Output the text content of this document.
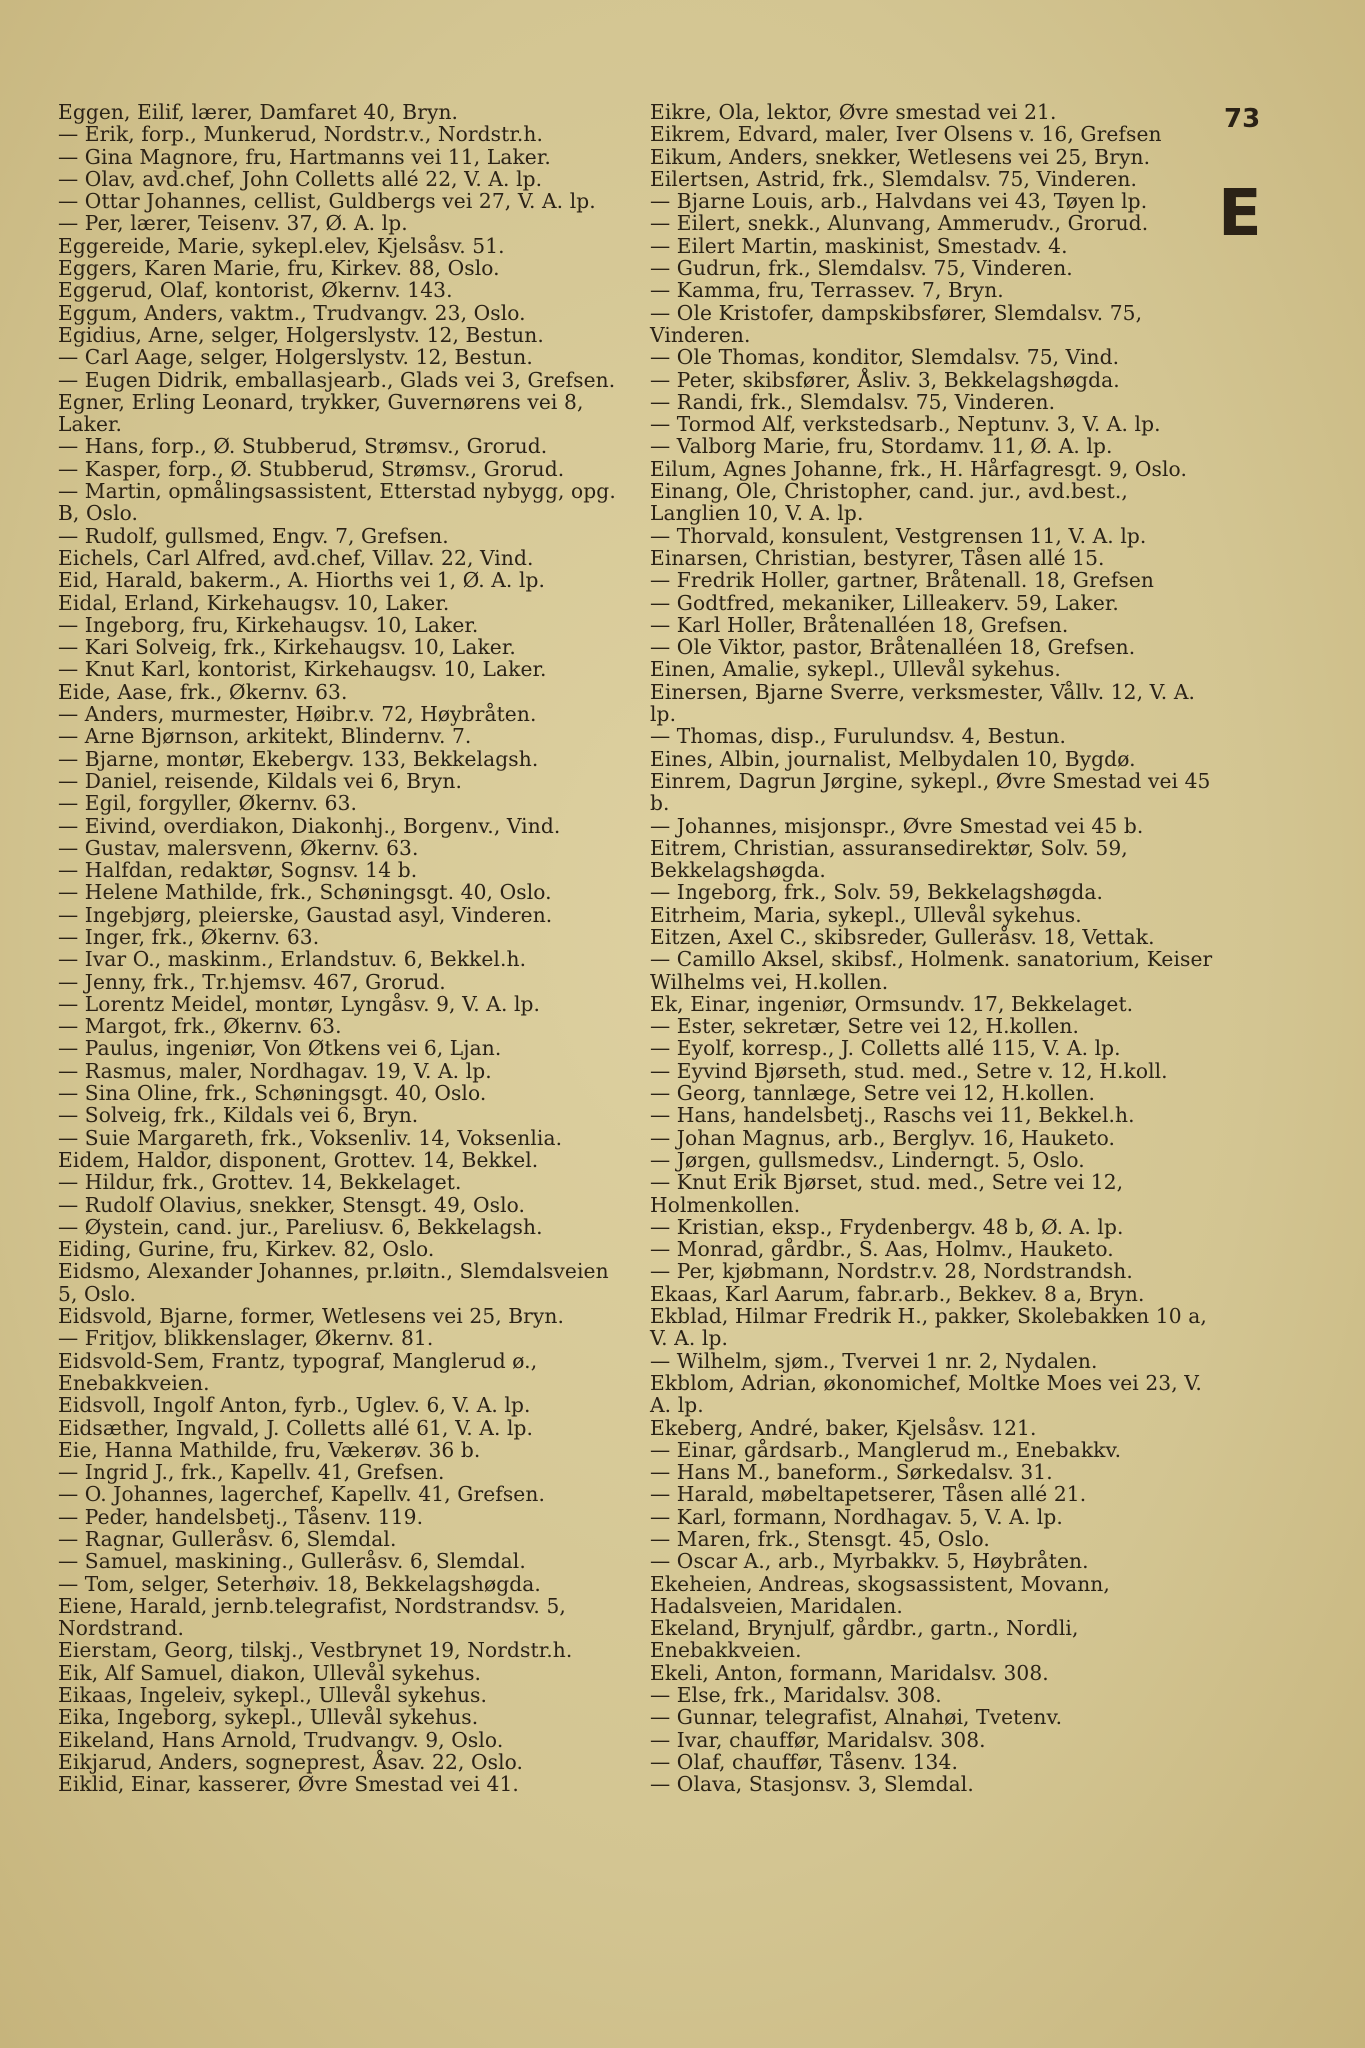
73
E

Eggen, Eilif, lærer, Damfaret 40, Bryn.

— Erik, forp., Munkerud, Nordstr.v., Nordstr.h.

— Gina Magnore, fru, Hartmanns vei 11, Laker.

— Olav, avd.chef, John Colletts allé 22, V. A. lp.

— Ottar Johannes, cellist, Guldbergs vei 27, V. A. lp.

— Per, lærer, Teisenv. 37, Ø. A. lp.

Eggereide, Marie, sykepl.elev, Kjelsåsv. 51.

Eggers, Karen Marie, fru, Kirkev. 88, Oslo.

Eggerud, Olaf, kontorist, Økernv. 143.

Eggum, Anders, vaktm., Trudvangv. 23, Oslo.

Egidius, Arne, selger, Holgerslystv. 12, Bestun.

— Carl Aage, selger, Holgerslystv. 12, Bestun.

— Eugen Didrik, emballasjearb., Glads vei 3, Grefsen.

Egner, Erling Leonard, trykker, Guvernørens vei 8, Laker.

— Hans, forp., Ø. Stubberud, Strømsv., Grorud.

— Kasper, forp., Ø. Stubberud, Strømsv., Grorud.

— Martin, opmålingsassistent, Etterstad nybygg, opg. B, Oslo.

— Rudolf, gullsmed, Engv. 7, Grefsen.

Eichels, Carl Alfred, avd.chef, Villav. 22, Vind.

Eid, Harald, bakerm., A. Hiorths vei 1, Ø. A. lp.

Eidal, Erland, Kirkehaugsv. 10, Laker.

— Ingeborg, fru, Kirkehaugsv. 10, Laker.

— Kari Solveig, frk., Kirkehaugsv. 10, Laker.

— Knut Karl, kontorist, Kirkehaugsv. 10, Laker.

Eide, Aase, frk., Økernv. 63.

— Anders, murmester, Høibr.v. 72, Høybråten.

— Arne Bjørnson, arkitekt, Blindernv. 7.

— Bjarne, montør, Ekebergv. 133, Bekkelagsh.

— Daniel, reisende, Kildals vei 6, Bryn.

— Egil, forgyller, Økernv. 63.

— Eivind, overdiakon, Diakonhj., Borgenv., Vind.

— Gustav, malersvenn, Økernv. 63.

— Halfdan, redaktør, Sognsv. 14 b.

— Helene Mathilde, frk., Schøningsgt. 40, Oslo.

— Ingebjørg, pleierske, Gaustad asyl, Vinderen.

— Inger, frk., Økernv. 63.

— Ivar O., maskinm., Erlandstuv. 6, Bekkel.h.

— Jenny, frk., Tr.hjemsv. 467, Grorud.

— Lorentz Meidel, montør, Lyngåsv. 9, V. A. lp.

— Margot, frk., Økernv. 63.

— Paulus, ingeniør, Von Øtkens vei 6, Ljan.

— Rasmus, maler, Nordhagav. 19, V. A. lp.

— Sina Oline, frk., Schøningsgt. 40, Oslo.

— Solveig, frk., Kildals vei 6, Bryn.

— Suie Margareth, frk., Voksenliv. 14, Voksenlia.

Eidem, Haldor, disponent, Grottev. 14, Bekkel.

— Hildur, frk., Grottev. 14, Bekkelaget.

— Rudolf Olavius, snekker, Stensgt. 49, Oslo.

— Øystein, cand. jur., Pareliusv. 6, Bekkelagsh.

Eiding, Gurine, fru, Kirkev. 82, Oslo.

Eidsmo, Alexander Johannes, pr.løitn., Slemdalsveien 5, Oslo.

Eidsvold, Bjarne, former, Wetlesens vei 25, Bryn.

— Fritjov, blikkenslager, Økernv. 81.

Eidsvold-Sem, Frantz, typograf, Manglerud ø., Enebakkveien.

Eidsvoll, Ingolf Anton, fyrb., Uglev. 6, V. A. lp.

Eidsæther, Ingvald, J. Colletts allé 61, V. A. lp.

Eie, Hanna Mathilde, fru, Vækerøv. 36 b.

— Ingrid J., frk., Kapellv. 41, Grefsen.

— O. Johannes, lagerchef, Kapellv. 41, Grefsen.

— Peder, handelsbetj., Tåsenv. 119.

— Ragnar, Gulleråsv. 6, Slemdal.

— Samuel, maskining., Gulleråsv. 6, Slemdal.

— Tom, selger, Seterhøiv. 18, Bekkelagshøgda.

Eiene, Harald, jernb.telegrafist, Nordstrandsv. 5, Nordstrand.

Eierstam, Georg, tilskj., Vestbrynet 19, Nordstr.h.

Eik, Alf Samuel, diakon, Ullevål sykehus.

Eikaas, Ingeleiv, sykepl., Ullevål sykehus.

Eika, Ingeborg, sykepl., Ullevål sykehus.

Eikeland, Hans Arnold, Trudvangv. 9, Oslo.

Eikjarud, Anders, sogneprest, Åsav. 22, Oslo.

Eiklid, Einar, kasserer, Øvre Smestad vei 41.

Eikre, Ola, lektor, Øvre smestad vei 21.

Eikrem, Edvard, maler, Iver Olsens v. 16, Grefsen

Eikum, Anders, snekker, Wetlesens vei 25, Bryn.

Eilertsen, Astrid, frk., Slemdalsv. 75, Vinderen.

— Bjarne Louis, arb., Halvdans vei 43, Tøyen lp.

— Eilert, snekk., Alunvang, Ammerudv., Grorud.

— Eilert Martin, maskinist, Smestadv. 4.

— Gudrun, frk., Slemdalsv. 75, Vinderen.

— Kamma, fru, Terrassev. 7, Bryn.

— Ole Kristofer, dampskibsfører, Slemdalsv. 75, Vinderen.

— Ole Thomas, konditor, Slemdalsv. 75, Vind.

— Peter, skibsfører, Åsliv. 3, Bekkelagshøgda.

— Randi, frk., Slemdalsv. 75, Vinderen.

— Tormod Alf, verkstedsarb., Neptunv. 3, V. A. lp.

— Valborg Marie, fru, Stordamv. 11, Ø. A. lp.

Eilum, Agnes Johanne, frk., H. Hårfagresgt. 9, Oslo.

Einang, Ole, Christopher, cand. jur., avd.best., Langlien 10, V. A. lp.

— Thorvald, konsulent, Vestgrensen 11, V. A. lp.

Einarsen, Christian, bestyrer, Tåsen allé 15.

— Fredrik Holler, gartner, Bråtenall. 18, Grefsen

— Godtfred, mekaniker, Lilleakerv. 59, Laker.

— Karl Holler, Bråtenalléen 18, Grefsen.

— Ole Viktor, pastor, Bråtenalléen 18, Grefsen.

Einen, Amalie, sykepl., Ullevål sykehus.

Einersen, Bjarne Sverre, verksmester, Vållv. 12, V. A. lp.

— Thomas, disp., Furulundsv. 4, Bestun.

Eines, Albin, journalist, Melbydalen 10, Bygdø.

Einrem, Dagrun Jørgine, sykepl., Øvre Smestad vei 45 b.

— Johannes, misjonspr., Øvre Smestad vei 45 b.

Eitrem, Christian, assuransedirektør, Solv. 59, Bekkelagshøgda.

— Ingeborg, frk., Solv. 59, Bekkelagshøgda.

Eitrheim, Maria, sykepl., Ullevål sykehus.

Eitzen, Axel C., skibsreder, Gulleråsv. 18, Vettak.

— Camillo Aksel, skibsf., Holmenk. sanatorium, Keiser Wilhelms vei, H.kollen.

Ek, Einar, ingeniør, Ormsundv. 17, Bekkelaget.

— Ester, sekretær, Setre vei 12, H.kollen.

— Eyolf, korresp., J. Colletts allé 115, V. A. lp.

— Eyvind Bjørseth, stud. med., Setre v. 12, H.koll.

— Georg, tannlæge, Setre vei 12, H.kollen.

— Hans, handelsbetj., Raschs vei 11, Bekkel.h.

— Johan Magnus, arb., Berglyv. 16, Hauketo.

— Jørgen, gullsmedsv., Linderngt. 5, Oslo.

— Knut Erik Bjørset, stud. med., Setre vei 12, Holmenkollen.

— Kristian, eksp., Frydenbergv. 48 b, Ø. A. lp.

— Monrad, gårdbr., S. Aas, Holmv., Hauketo.

— Per, kjøbmann, Nordstr.v. 28, Nordstrandsh.

Ekaas, Karl Aarum, fabr.arb., Bekkev. 8 a, Bryn.

Ekblad, Hilmar Fredrik H., pakker, Skolebakken 10 a, V. A. lp.

— Wilhelm, sjøm., Tvervei 1 nr. 2, Nydalen.

Ekblom, Adrian, økonomichef, Moltke Moes vei 23, V. A. lp.

Ekeberg, André, baker, Kjelsåsv. 121.

— Einar, gårdsarb., Manglerud m., Enebakkv.

— Hans M., baneform., Sørkedalsv. 31.

— Harald, møbeltapetserer, Tåsen allé 21.

— Karl, formann, Nordhagav. 5, V. A. lp.

— Maren, frk., Stensgt. 45, Oslo.

— Oscar A., arb., Myrbakkv. 5, Høybråten.

Ekeheien, Andreas, skogsassistent, Movann, Hadalsveien, Maridalen.

Ekeland, Brynjulf, gårdbr., gartn., Nordli, Enebakkveien.

Ekeli, Anton, formann, Maridalsv. 308.

— Else, frk., Maridalsv. 308.

— Gunnar, telegrafist, Alnahøi, Tvetenv.

— Ivar, chauffør, Maridalsv. 308.

— Olaf, chauffør, Tåsenv. 134.

— Olava, Stasjonsv. 3, Slemdal.
